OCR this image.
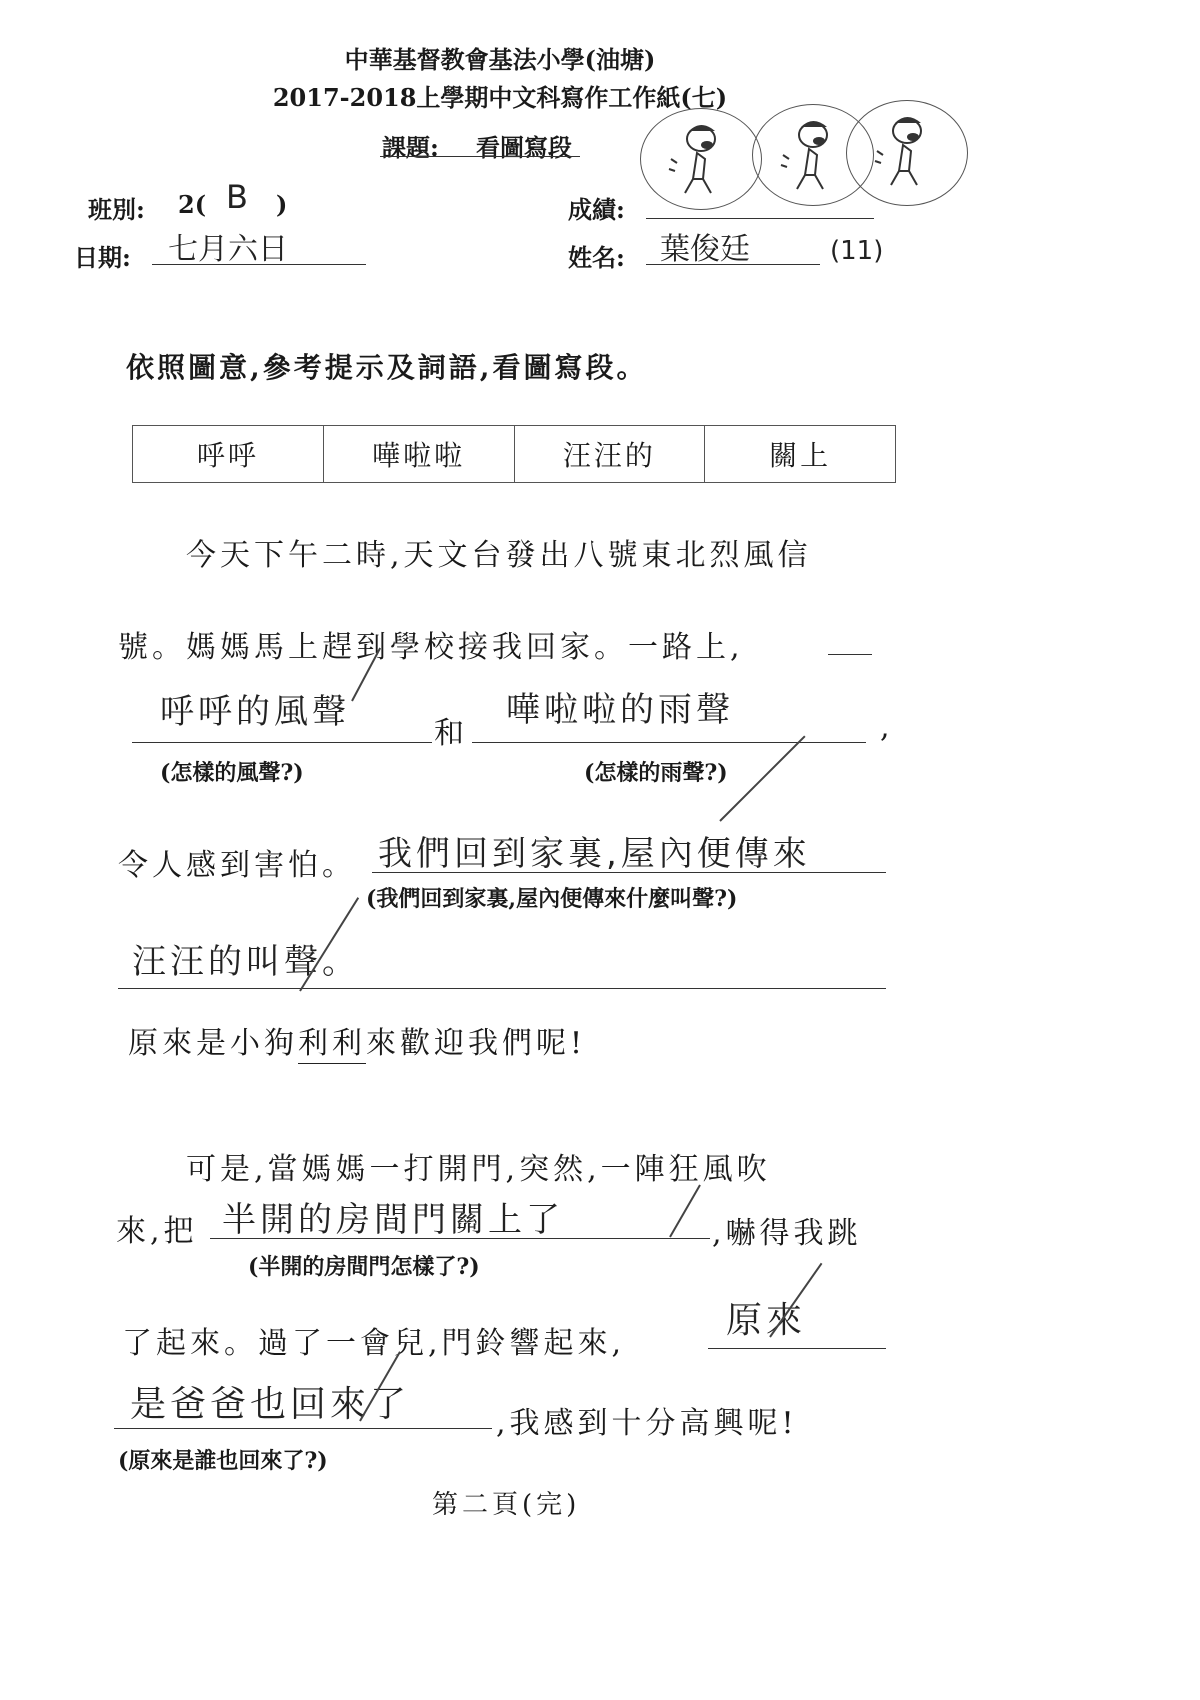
中華基督教會基法小學(油塘)
2017-2018上學期中文科寫作工作紙(七)
課題: 看圖寫段
班別: 2( B )	成績:
日期: 七月六日	姓名: 葉俊廷	(11)
依照圖意,參考提示及詞語,看圖寫段。
呼呼	嘩啦啦	汪汪的	關上
今天下午二時,天文台發出八號東北烈風信
號。媽媽馬上趕到學校接我回家。一路上,
呼呼的風聲
和
嘩啦啦的雨聲	,
(怎樣的風聲?)	(怎樣的雨聲?)
令人感到害怕。 我們回到家裏,屋內便傳來
(我們回到家裏,屋內便傳來什麼叫聲?)
汪汪的叫聲。
原來是小狗利利來歡迎我們呢!
可是,當媽媽一打開門,突然,一陣狂風吹
來,把 半開的房間門關上了	,嚇得我跳
(半開的房間門怎樣了?)
了起來。過了一會兒,門鈴響起來,
原來
是爸爸也回來了	,我感到十分高興呢!
(原來是誰也回來了?)
第二頁(完)
